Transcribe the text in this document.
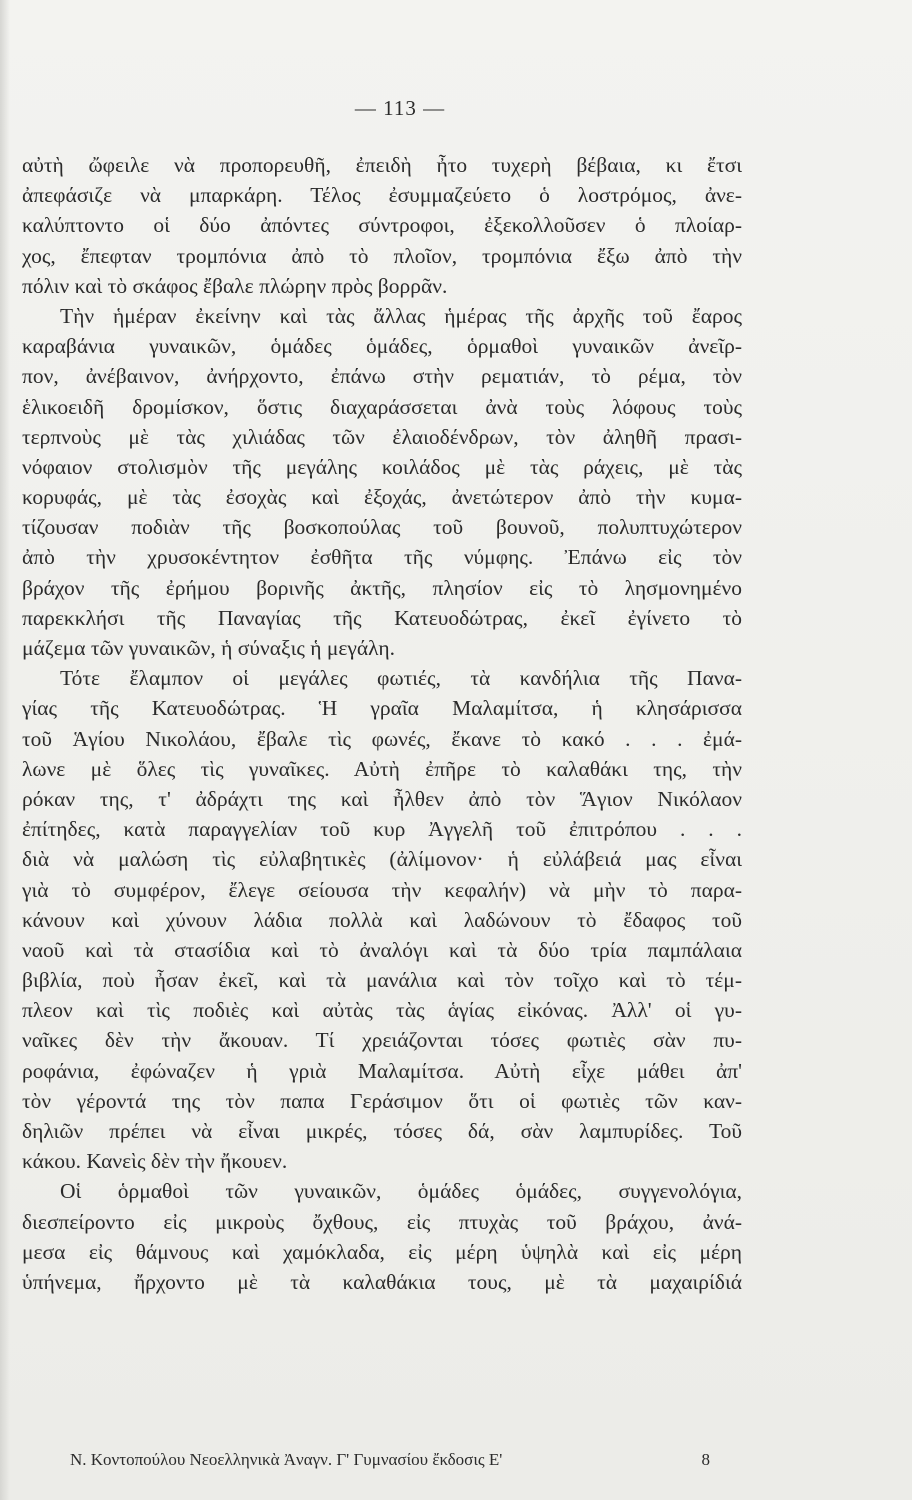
— 113 —
αὐτὴ ὤφειλε νὰ προπορευθῆ, ἐπειδὴ ἦτο τυχερὴ βέβαια, κι ἔτσι
ἀπεφάσιζε νὰ μπαρκάρη. Τέλος ἐσυμμαζεύετο ὁ λοστρόμος, ἀνε-
καλύπτοντο οἱ δύο ἀπόντες σύντροφοι, ἐξεκολλοῦσεν ὁ πλοίαρ-
χος, ἔπεφταν τρομπόνια ἀπὸ τὸ πλοῖον, τρομπόνια ἔξω ἀπὸ τὴν
πόλιν καὶ τὸ σκάφος ἔβαλε πλώρην πρὸς βορρᾶν.
Τὴν ἡμέραν ἐκείνην καὶ τὰς ἄλλας ἡμέρας τῆς ἀρχῆς τοῦ ἔαρος
καραβάνια γυναικῶν, ὁμάδες ὁμάδες, ὁρμαθοὶ γυναικῶν ἀνεῖρ-
πον, ἀνέβαινον, ἀνήρχοντο, ἐπάνω στὴν ρεματιάν, τὸ ρέμα, τὸν
ἑλικοειδῆ δρομίσκον, ὅστις διαχαράσσεται ἀνὰ τοὺς λόφους τοὺς
τερπνοὺς μὲ τὰς χιλιάδας τῶν ἐλαιοδένδρων, τὸν ἀληθῆ πρασι-
νόφαιον στολισμὸν τῆς μεγάλης κοιλάδος μὲ τὰς ράχεις, μὲ τὰς
κορυφάς, μὲ τὰς ἐσοχὰς καὶ ἐξοχάς, ἀνετώτερον ἀπὸ τὴν κυμα-
τίζουσαν ποδιὰν τῆς βοσκοπούλας τοῦ βουνοῦ, πολυπτυχώτερον
ἀπὸ τὴν χρυσοκέντητον ἐσθῆτα τῆς νύμφης. Ἐπάνω εἰς τὸν
βράχον τῆς ἐρήμου βορινῆς ἀκτῆς, πλησίον εἰς τὸ λησμονημένο
παρεκκλήσι τῆς Παναγίας τῆς Κατευοδώτρας, ἐκεῖ ἐγίνετο τὸ
μάζεμα τῶν γυναικῶν, ἡ σύναξις ἡ μεγάλη.
Τότε ἔλαμπον οἱ μεγάλες φωτιές, τὰ κανδήλια τῆς Πανα-
γίας τῆς Κατευοδώτρας. Ἡ γραῖα Μαλαμίτσα, ἡ κλησάρισσα
τοῦ Ἁγίου Νικολάου, ἔβαλε τὶς φωνές, ἔκανε τὸ κακό . . . ἐμά-
λωνε μὲ ὅλες τὶς γυναῖκες. Αὐτὴ ἐπῆρε τὸ καλαθάκι της, τὴν
ρόκαν της, τ' ἀδράχτι της καὶ ἦλθεν ἀπὸ τὸν Ἅγιον Νικόλαον
ἐπίτηδες, κατὰ παραγγελίαν τοῦ κυρ Ἀγγελῆ τοῦ ἐπιτρόπου . . .
διὰ νὰ μαλώση τὶς εὐλαβητικὲς (ἀλίμονον· ἡ εὐλάβειά μας εἶναι
γιὰ τὸ συμφέρον, ἔλεγε σείουσα τὴν κεφαλήν) νὰ μὴν τὸ παρα-
κάνουν καὶ χύνουν λάδια πολλὰ καὶ λαδώνουν τὸ ἔδαφος τοῦ
ναοῦ καὶ τὰ στασίδια καὶ τὸ ἀναλόγι καὶ τὰ δύο τρία παμπάλαια
βιβλία, ποὺ ἦσαν ἐκεῖ, καὶ τὰ μανάλια καὶ τὸν τοῖχο καὶ τὸ τέμ-
πλεον καὶ τὶς ποδιὲς καὶ αὐτὰς τὰς ἁγίας εἰκόνας. Ἀλλ' οἱ γυ-
ναῖκες δὲν τὴν ἄκουαν. Τί χρειάζονται τόσες φωτιὲς σὰν πυ-
ροφάνια, ἐφώναζεν ἡ γριὰ Μαλαμίτσα. Αὐτὴ εἶχε μάθει ἀπ'
τὸν γέροντά της τὸν παπα Γεράσιμον ὅτι οἱ φωτιὲς τῶν καν-
δηλιῶν πρέπει νὰ εἶναι μικρές, τόσες δά, σὰν λαμπυρίδες. Τοῦ
κάκου. Κανεὶς δὲν τὴν ἤκουεν.
Οἱ ὁρμαθοὶ τῶν γυναικῶν, ὁμάδες ὁμάδες, συγγενολόγια,
διεσπείροντο εἰς μικροὺς ὄχθους, εἰς πτυχὰς τοῦ βράχου, ἀνά-
μεσα εἰς θάμνους καὶ χαμόκλαδα, εἰς μέρη ὑψηλὰ καὶ εἰς μέρη
ὑπήνεμα, ἤρχοντο μὲ τὰ καλαθάκια τους, μὲ τὰ μαχαιρίδιά
Ν. Κοντοπούλου Νεοελληνικὰ Ἀναγν. Γ' Γυμνασίου ἔκδοσις Ε'	8
